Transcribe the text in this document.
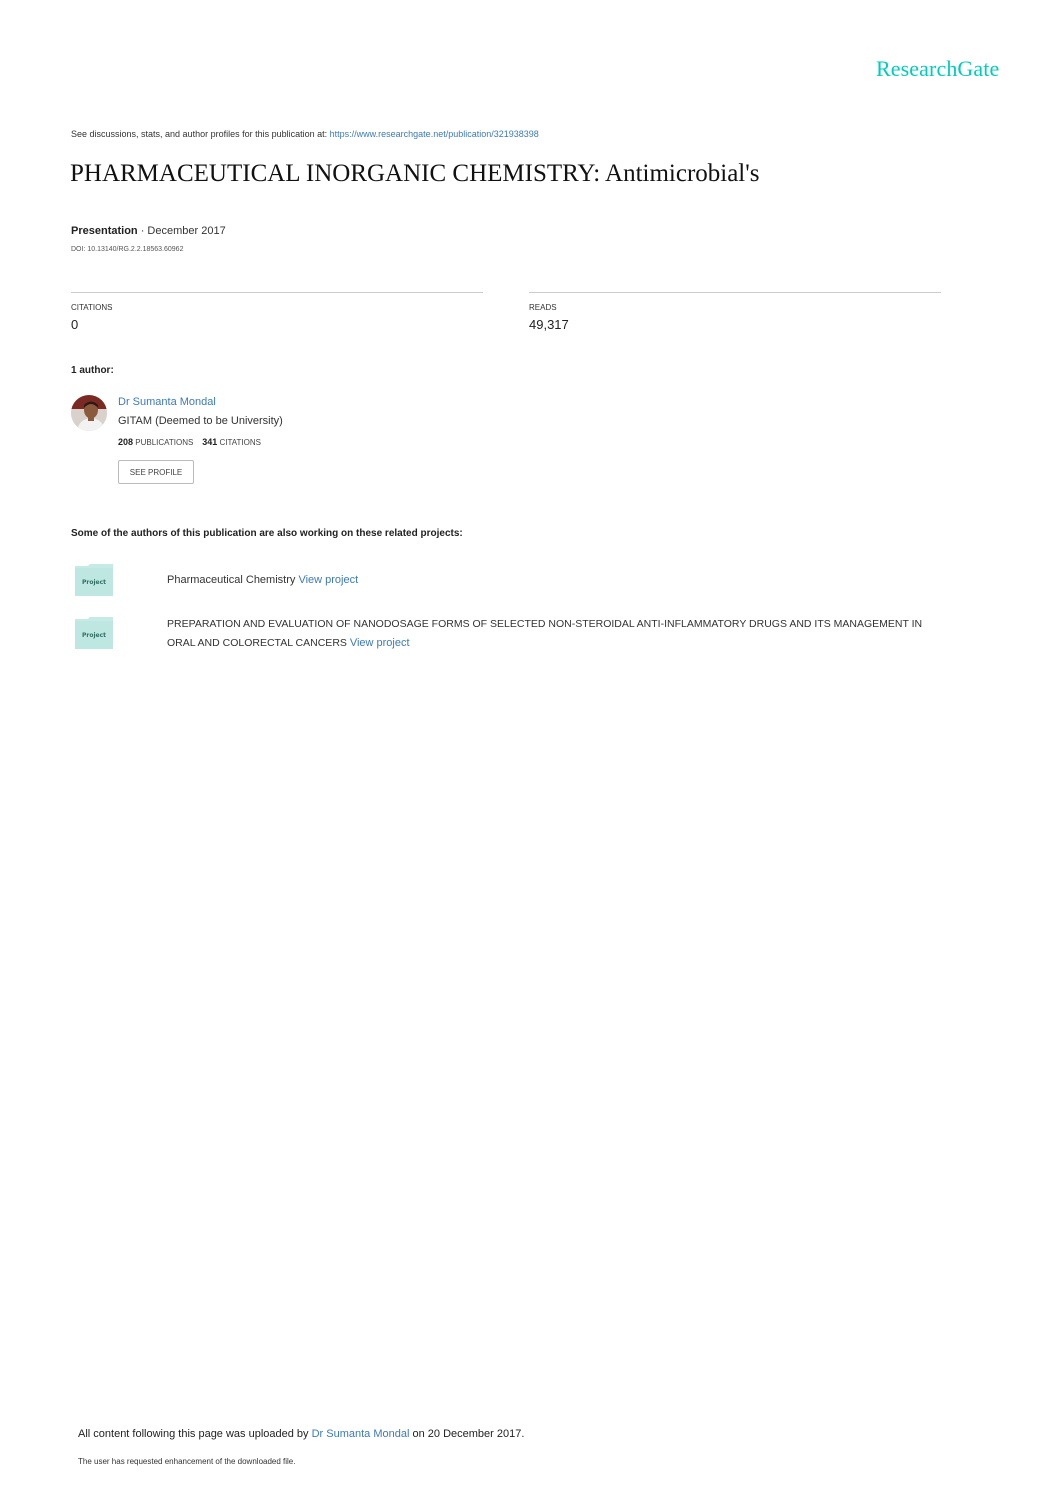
ResearchGate
See discussions, stats, and author profiles for this publication at: https://www.researchgate.net/publication/321938398
PHARMACEUTICAL INORGANIC CHEMISTRY: Antimicrobial's
Presentation · December 2017
DOI: 10.13140/RG.2.2.18563.60962
CITATIONS
0
READS
49,317
1 author:
Dr Sumanta Mondal
GITAM (Deemed to be University)
208 PUBLICATIONS 341 CITATIONS
SEE PROFILE
Some of the authors of this publication are also working on these related projects:
Project	Pharmaceutical Chemistry View project
Project
PREPARATION AND EVALUATION OF NANODOSAGE FORMS OF SELECTED NON-STEROIDAL ANTI-INFLAMMATORY DRUGS AND ITS MANAGEMENT IN ORAL AND COLORECTAL CANCERS View project
All content following this page was uploaded by Dr Sumanta Mondal on 20 December 2017.
The user has requested enhancement of the downloaded file.
